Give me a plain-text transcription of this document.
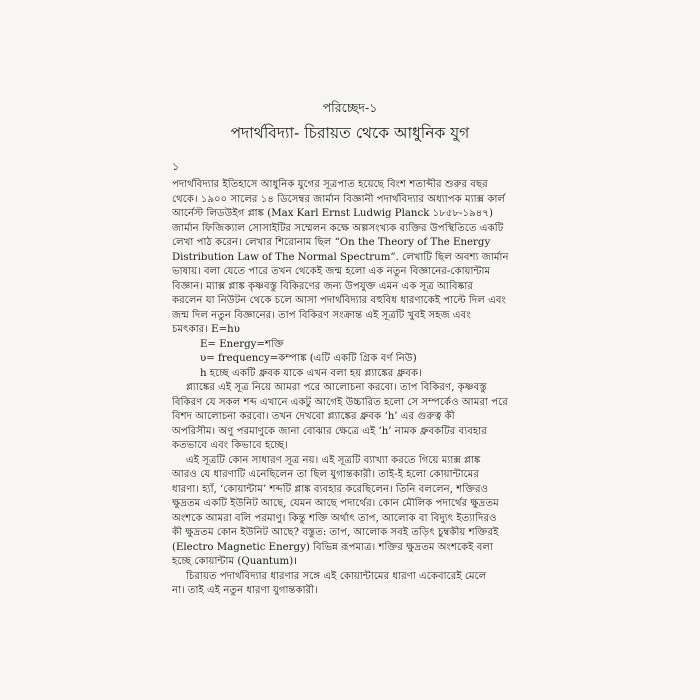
পরিচ্ছেদ-১
পদার্থবিদ্যা- চিরায়ত থেকে আধুনিক যুগ
১
পদার্থবিদ্যার ইতিহাসে আধুনিক যুগের সূত্রপাত হয়েছে বিংশ শতাব্দীর শুরুর বছর
থেকে। ১৯০০ সালের ১৪ ডিসেম্বর জার্মান বিজ্ঞানী পদার্থবিদ্যার অধ্যাপক ম্যাক্স কার্ল
আর্নেস্ট লিডউইগ প্লাঙ্ক (Max Karl Ernst Ludwig Planck ১৮৫৮-১৯৪৭)
জার্মান ফিজিক্যাল সোসাইটির সম্মেলন কক্ষে অল্পসংখ্যক ব্যক্তির উপস্থিতিতে একটি
লেখা পাঠ করেন। লেখার শিরোনাম ছিল “On the Theory of The Energy
Distribution Law of The Normal Spectrum”. লেখাটি ছিল অবশ্য জার্মান
ভাষায়। বলা যেতে পারে তখন থেকেই জন্ম হলো এক নতুন বিজ্ঞানের-কোয়ান্টাম
বিজ্ঞান। ম্যাক্স প্লাঙ্ক কৃষ্ণবস্তু বিকিরণের জন্য উপযুক্ত এমন এক সূত্র আবিষ্কার
করলেন যা নিউটন থেকে চলে আসা পদার্থবিদ্যার বহুবিধ ধারণাকেই পাল্টে দিল এবং
জন্ম দিল নতুন বিজ্ঞানের। তাপ বিকিরণ সংক্রান্ত এই সূত্রটি খুবই সহজ এবং
চমৎকার। E=hυ
E= Energy=শক্তি
υ= frequency=কম্পাঙ্ক (এটি একটি গ্রিক বর্ণ নিউ)
h হচ্ছে একটি ধ্রুবক যাকে এখন বলা হয় প্ল্যাঙ্কের ধ্রুবক।
প্ল্যাঙ্কের এই সূত্র নিয়ে আমরা পরে আলোচনা করবো। তাপ বিকিরণ, কৃষ্ণবস্তু
বিকিরণ যে সকল শব্দ এখানে একটু আগেই উচ্চারিত হলো সে সম্পর্কেও আমরা পরে
বিশদ আলোচনা করবো। তখন দেখবো প্ল্যাঙ্কের ধ্রুবক ‘h’ এর গুরুত্ব কী
অপরিসীম। অণু পরমাণুকে জানা বোঝার ক্ষেত্রে এই ‘h’ নামক ধ্রুবকটির ব্যবহার
কতভাবে এবং কিভাবে হচ্ছে।
এই সূত্রটি কোন সাধারণ সূত্র নয়। এই সূত্রটি ব্যাখ্যা করতে গিয়ে ম্যাক্স প্লাঙ্ক
আরও যে ধারণাটি এনেছিলেন তা ছিল যুগান্তকারী। তাই-ই হলো কোয়ান্টামের
ধারণা। হ্যাঁ, ‘কোয়ান্টাম’ শব্দটি প্লাঙ্ক ব্যবহার করেছিলেন। তিনি বললেন, শক্তিরও
ক্ষুদ্রতম একটি ইউনিট আছে, যেমন আছে পদার্থের। কোন মৌলিক পদার্থের ক্ষুদ্রতম
অংশকে আমরা বলি পরমাণু। কিন্তু শক্তি অর্থাৎ তাপ, আলোক বা বিদ্যুৎ ইত্যাদিরও
কী ক্ষুদ্রতম কোন ইউনিট আছে? বস্তুত: তাপ, আলোক সবই তড়িৎ চুম্বকীয় শক্তিরই
(Electro Magnetic Energy) বিভিন্ন রূপমাত্র। শক্তির ক্ষুদ্রতম অংশকেই বলা
হচ্ছে কোয়ান্টাম (Quantum)।
চিরায়ত পদার্থবিদ্যার ধারণার সঙ্গে এই কোয়ান্টামের ধারণা একেবারেই মেলে
না। তাই এই নতুন ধারণা যুগান্তকারী।
